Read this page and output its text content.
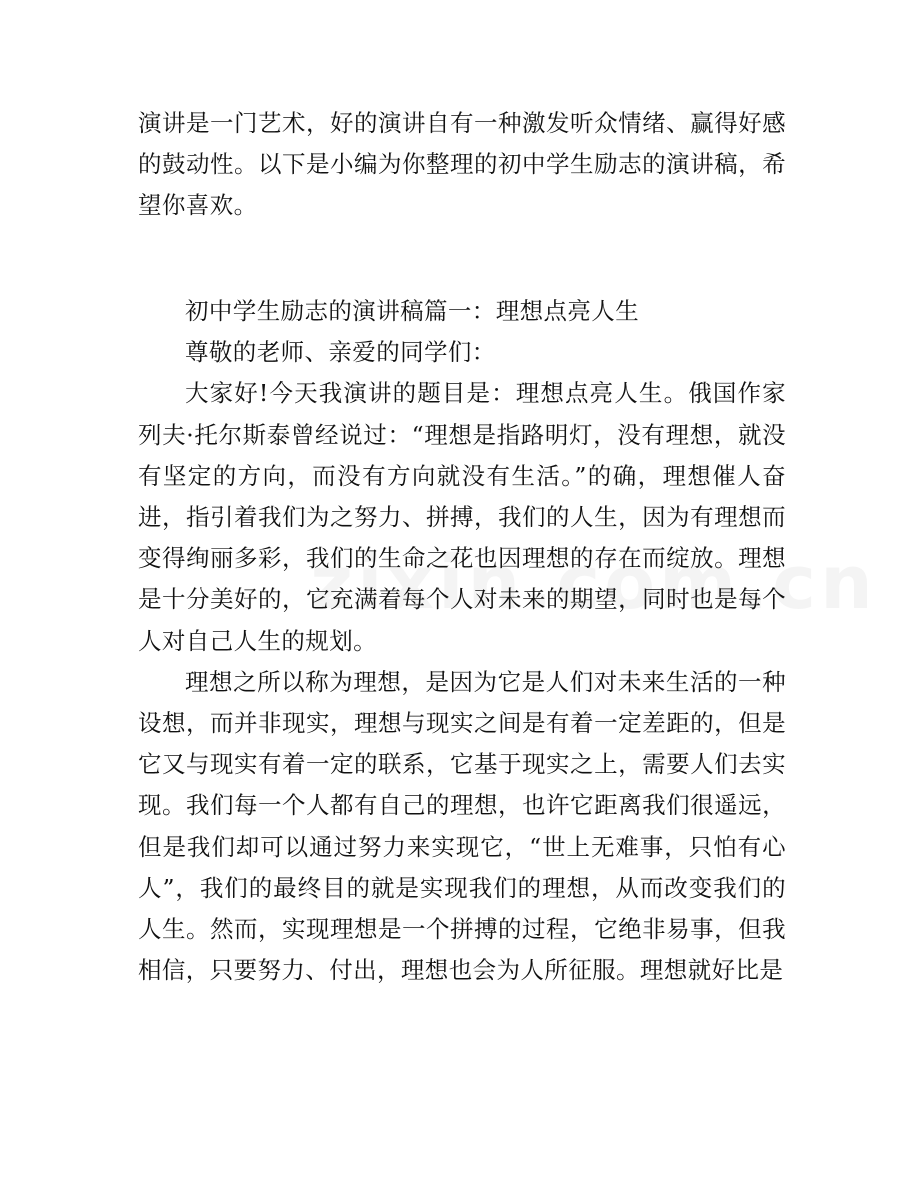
演讲是一门艺术，好的演讲自有一种激发听众情绪、赢得好感的鼓动性。以下是小编为你整理的初中学生励志的演讲稿，希望你喜欢。

初中学生励志的演讲稿篇一：理想点亮人生

尊敬的老师、亲爱的同学们：

大家好!今天我演讲的题目是：理想点亮人生。俄国作家列夫·托尔斯泰曾经说过：“理想是指路明灯，没有理想，就没有坚定的方向，而没有方向就没有生活。”的确，理想催人奋进，指引着我们为之努力、拼搏，我们的人生，因为有理想而变得绚丽多彩，我们的生命之花也因理想的存在而绽放。理想是十分美好的，它充满着每个人对未来的期望，同时也是每个人对自己人生的规划。

理想之所以称为理想，是因为它是人们对未来生活的一种设想，而并非现实，理想与现实之间是有着一定差距的，但是它又与现实有着一定的联系，它基于现实之上，需要人们去实现。我们每一个人都有自己的理想，也许它距离我们很遥远，但是我们却可以通过努力来实现它，“世上无难事，只怕有心人”，我们的最终目的就是实现我们的理想，从而改变我们的人生。然而，实现理想是一个拼搏的过程，它绝非易事，但我相信，只要努力、付出，理想也会为人所征服。理想就好比是
